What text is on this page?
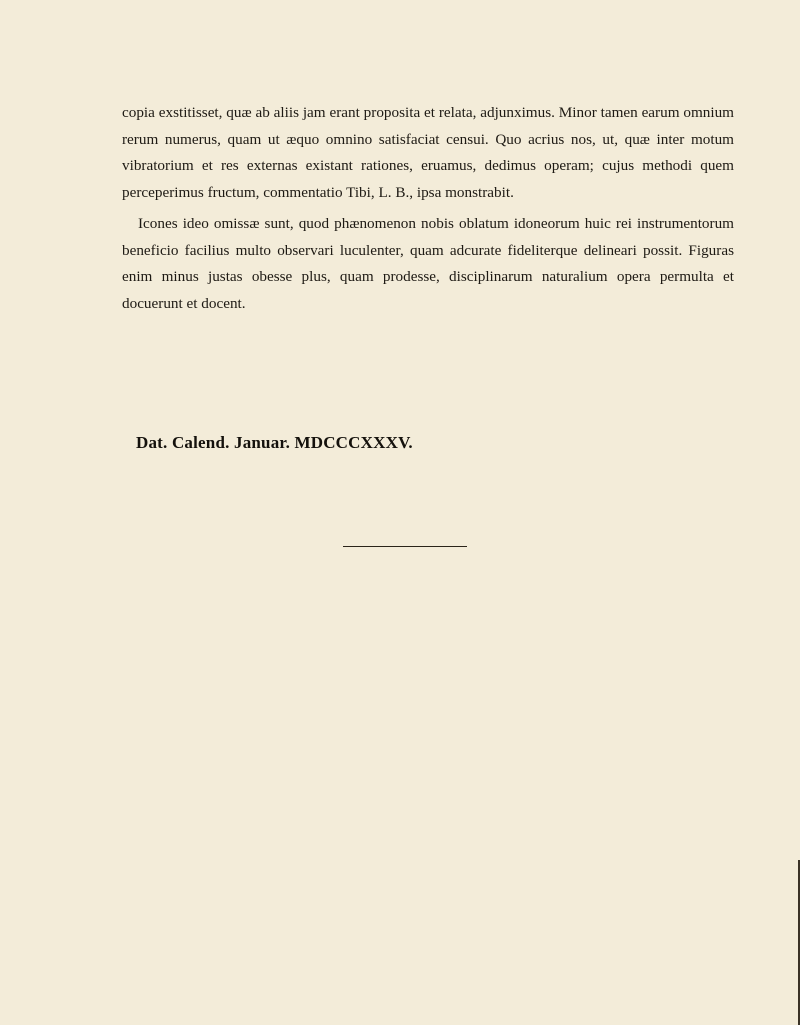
copia exstitisset, quæ ab aliis jam erant proposita et relata, adjunximus. Minor tamen earum omnium rerum numerus, quam ut æquo omnino satisfaciat censui. Quo acrius nos, ut, quæ inter motum vibratorium et res externas existant rationes, eruamus, dedimus operam; cujus methodi quem perceperimus fructum, commentatio Tibi, L. B., ipsa monstrabit.

Icones ideo omissæ sunt, quod phænomenon nobis oblatum idoneorum huic rei instrumentorum beneficio facilius multo observari luculenter, quam adcurate fideliterque delineari possit. Figuras enim minus justas obesse plus, quam prodesse, disciplinarum naturalium opera permulta et docuerunt et docent.

Dat. Calend. Januar. MDCCCXXXV.
